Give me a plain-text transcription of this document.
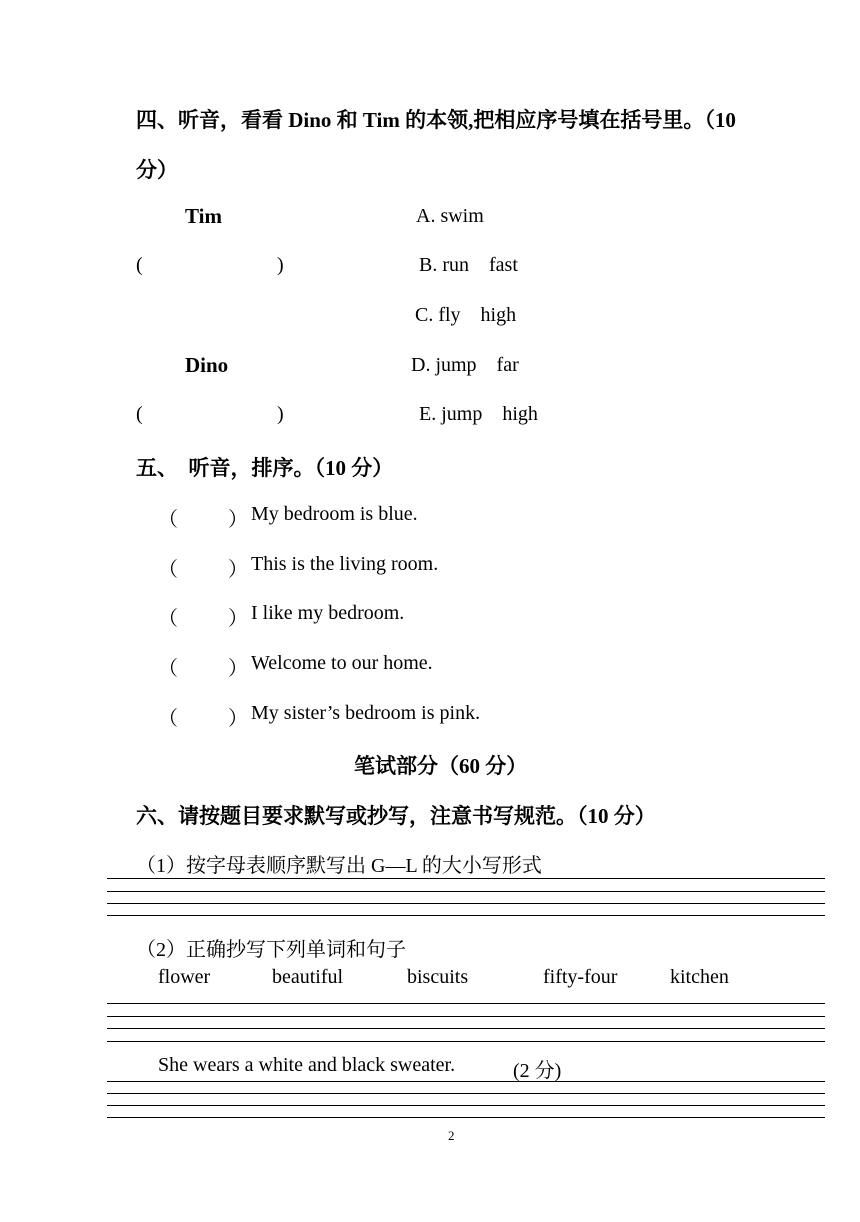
四、听音，看看 Dino 和 Tim 的本领,把相应序号填在括号里。（10
分）
Tim	A. swim
(	)	B. run    fast
C. fly    high
Dino	D. jump    far
(	)	E. jump    high
五、  听音，排序。（10 分）
（	） My bedroom is blue.
（	） This is the living room.
（	） I like my bedroom.
（	） Welcome to our home.
（	） My sister’s bedroom is pink.
笔试部分（60 分）
六、请按题目要求默写或抄写，注意书写规范。（10 分）
（1）按字母表顺序默写出 G—L 的大小写形式
（2）正确抄写下列单词和句子
flower	beautiful	biscuits	fifty-four	kitchen
She wears a white and black sweater.	(2 分)
2
